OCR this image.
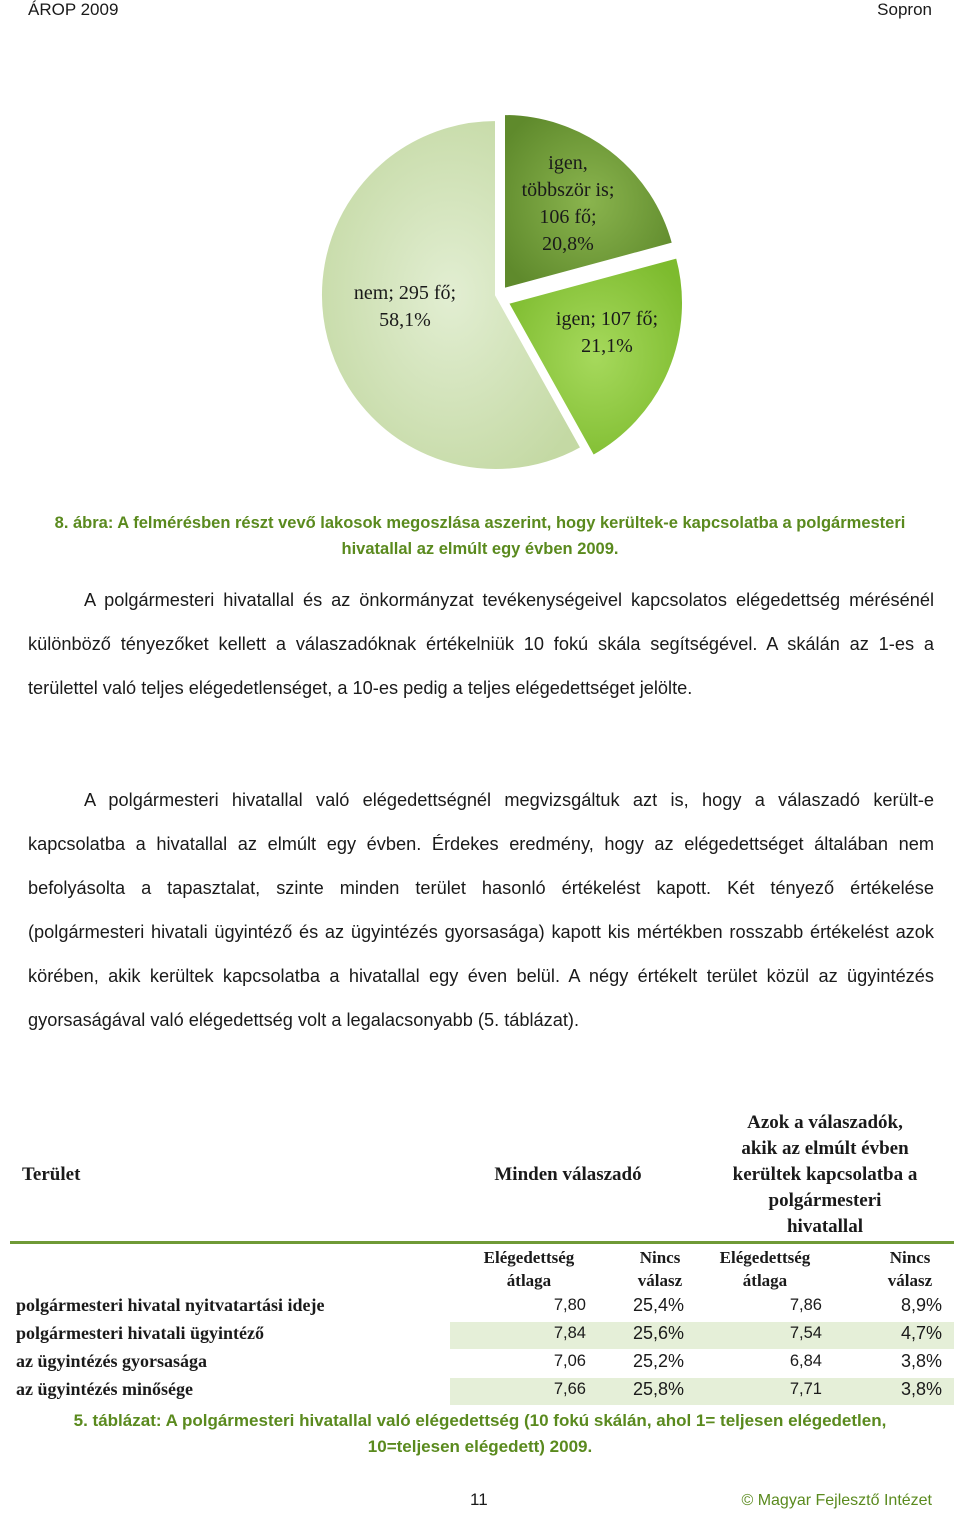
ÁROP 2009	Sopron
igen,
többször is;
106 fő;
20,8%
igen; 107 fő;
21,1%
nem; 295 fő;
58,1%
8. ábra: A felmérésben részt vevő lakosok megoszlása aszerint, hogy kerültek-e kapcsolatba a polgármesteri hivatallal az elmúlt egy évben 2009.
A polgármesteri hivatallal és az önkormányzat tevékenységeivel kapcsolatos elégedettség mérésénél különböző tényezőket kellett a válaszadóknak értékelniük 10 fokú skála segítségével. A skálán az 1-es a területtel való teljes elégedetlenséget, a 10-es pedig a teljes elégedettséget jelölte.
A polgármesteri hivatallal való elégedettségnél megvizsgáltuk azt is, hogy a válaszadó került-e kapcsolatba a hivatallal az elmúlt egy évben. Érdekes eredmény, hogy az elégedettséget általában nem befolyásolta a tapasztalat, szinte minden terület hasonló értékelést kapott. Két tényező értékelése (polgármesteri hivatali ügyintéző és az ügyintézés gyorsasága) kapott kis mértékben rosszabb értékelést azok körében, akik kerültek kapcsolatba a hivatallal egy éven belül. A négy értékelt terület közül az ügyintézés gyorsaságával való elégedettség volt a legalacsonyabb (5. táblázat).
Terület	Minden válaszadó
Azok a válaszadók,
akik az elmúlt évben
kerültek kapcsolatba a
polgármesteri
hivatallal
Elégedettség
átlaga
Nincs
válasz
Elégedettség
átlaga
Nincs
válasz
polgármesteri hivatal nyitvatartási ideje	7,80	25,4%	7,86	8,9%
polgármesteri hivatali ügyintéző	7,84	25,6%	7,54	4,7%
az ügyintézés gyorsasága	7,06	25,2%	6,84	3,8%
az ügyintézés minősége	7,66	25,8%	7,71	3,8%
5. táblázat: A polgármesteri hivatallal való elégedettség (10 fokú skálán, ahol 1= teljesen elégedetlen, 10=teljesen elégedett) 2009.
11	© Magyar Fejlesztő Intézet
